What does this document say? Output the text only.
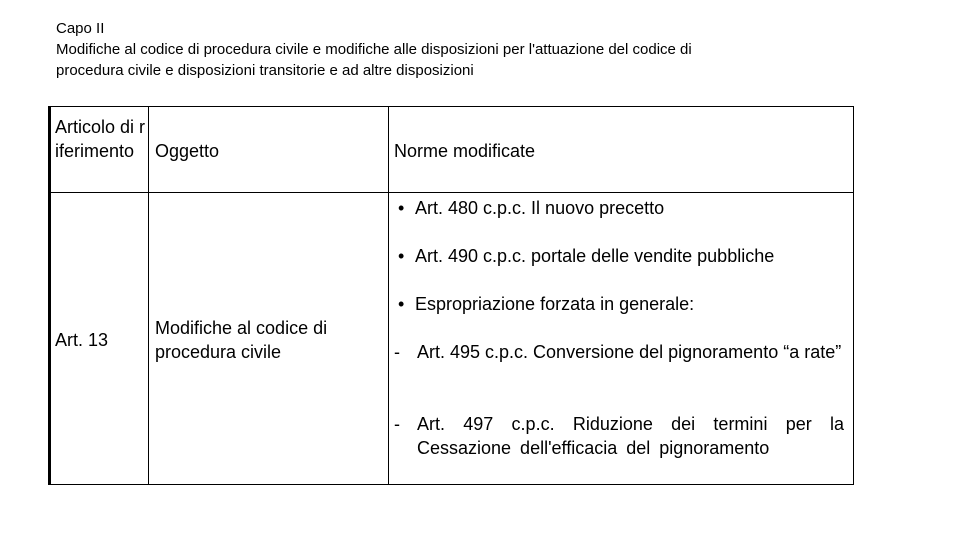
Capo II
Modifiche al codice di procedura civile e modifiche alle disposizioni per l'attuazione del codice di
procedura civile e disposizioni transitorie e ad altre disposizioni
Articolo di riferimento	Oggetto	Norme modificate
Art. 13
Modifiche al codice di procedura civile
• Art. 480 c.p.c. Il nuovo precetto
• Art. 490 c.p.c. portale delle vendite pubbliche
• Espropriazione forzata in generale:
- Art. 495 c.p.c. Conversione del pignoramento “a rate”
- Art. 497 c.p.c. Riduzione dei termini per la Cessazione dell'efficacia del pignoramento
